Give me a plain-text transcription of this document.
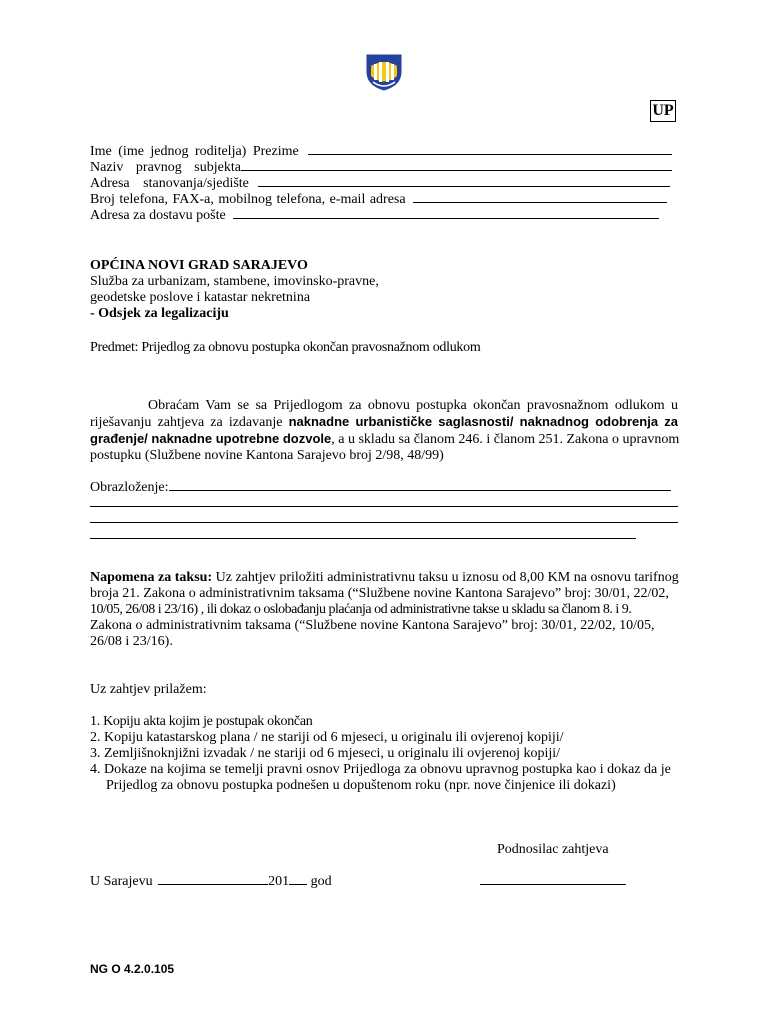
UP
Ime (ime jednog roditelja) Prezime
Naziv pravnog subjekta
Adresa stanovanja/sjedište
Broj telefona, FAX-a, mobilnog telefona, e-mail adresa
Adresa za dostavu pošte
OPĆINA NOVI GRAD SARAJEVO
Služba za urbanizam, stambene, imovinsko-pravne,
geodetske poslove i katastar nekretnina
- Odsjek za legalizaciju
Predmet: Prijedlog za obnovu postupka okončan pravosnažnom odlukom
Obraćam Vam se sa Prijedlogom za obnovu postupka okončan pravosnažnom odlukom u
riješavanju zahtjeva za izdavanje naknadne urbanističke saglasnosti/ naknadnog odobrenja za
građenje/ naknadne upotrebne dozvole, a u skladu sa članom 246. i članom 251. Zakona o upravnom
postupku (Službene novine Kantona Sarajevo broj 2/98, 48/99)
Obrazloženje:
Napomena za taksu: Uz zahtjev priložiti administrativnu taksu u iznosu od 8,00 KM na osnovu tarifnog
broja 21. Zakona o administrativnim taksama (“Službene novine Kantona Sarajevo” broj: 30/01, 22/02,
10/05, 26/08 i 23/16) , ili dokaz o oslobađanju plaćanja od administrativne takse u skladu sa članom 8. i 9.
Zakona o administrativnim taksama (“Službene novine Kantona Sarajevo” broj: 30/01, 22/02, 10/05,
26/08 i 23/16).
Uz zahtjev prilažem:
1. Kopiju akta kojim je postupak okončan
2. Kopiju katastarskog plana / ne stariji od 6 mjeseci, u originalu ili ovjerenoj kopiji/
3. Zemljišnoknjižni izvadak / ne stariji od 6 mjeseci, u originalu ili ovjerenoj kopiji/
4. Dokaze na kojima se temelji pravni osnov Prijedloga za obnovu upravnog postupka kao i dokaz da je
Prijedlog za obnovu postupka podnešen u dopuštenom roku (npr. nove činjenice ili dokazi)
Podnosilac zahtjeva
U Sarajevu	201 god
NG O 4.2.0.105
